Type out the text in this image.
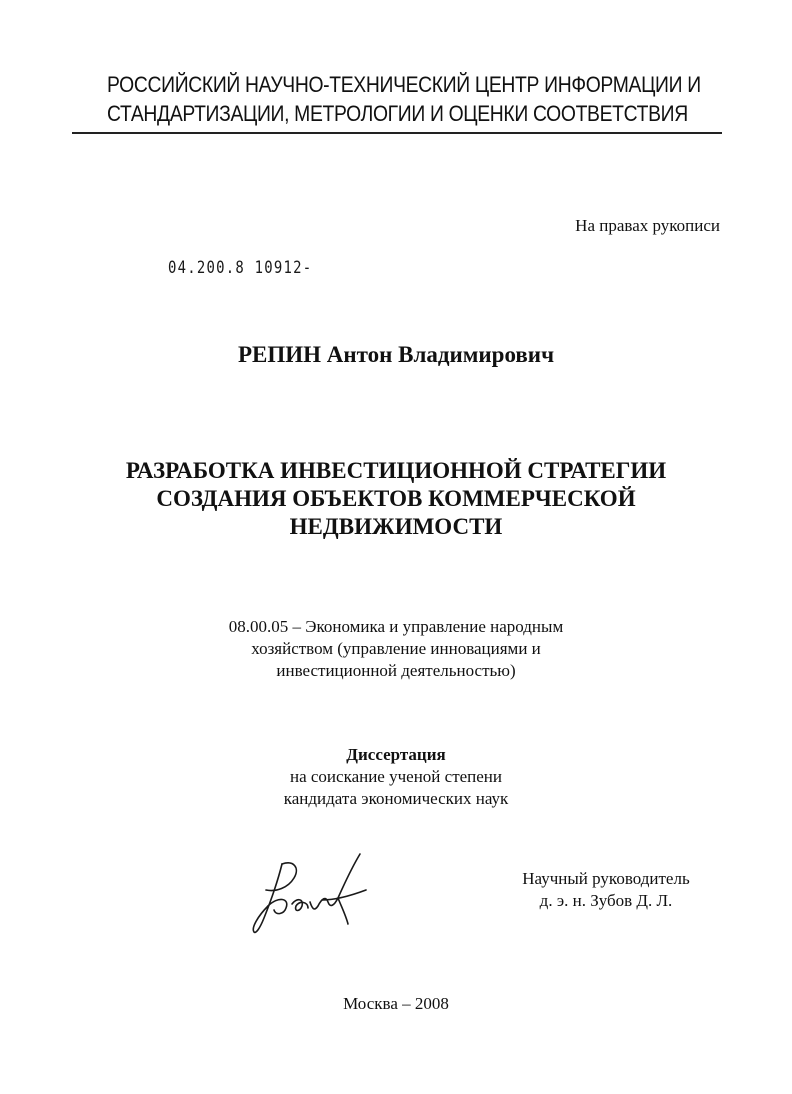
РОССИЙСКИЙ НАУЧНО-ТЕХНИЧЕСКИЙ ЦЕНТР ИНФОРМАЦИИ И
СТАНДАРТИЗАЦИИ, МЕТРОЛОГИИ И ОЦЕНКИ СООТВЕТСТВИЯ
На правах рукописи
04.200.8 10912-
РЕПИН Антон Владимирович
РАЗРАБОТКА ИНВЕСТИЦИОННОЙ СТРАТЕГИИ
СОЗДАНИЯ ОБЪЕКТОВ КОММЕРЧЕСКОЙ
НЕДВИЖИМОСТИ
08.00.05 – Экономика и управление народным
хозяйством (управление инновациями и
инвестиционной деятельностью)
Диссертация
на соискание ученой степени
кандидата экономических наук
Научный руководитель
д. э. н. Зубов Д. Л.
Москва – 2008
